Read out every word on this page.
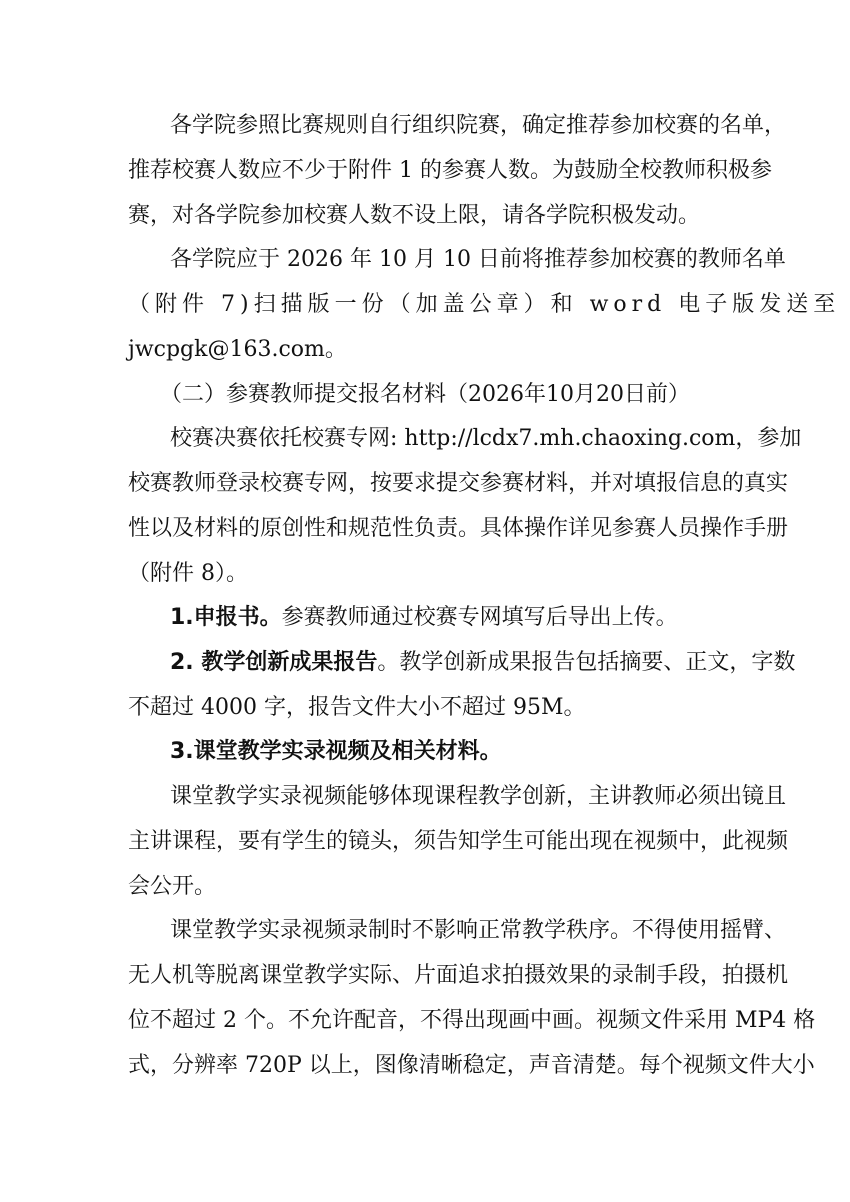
各学院参照比赛规则自行组织院赛，确定推荐参加校赛的名单，
推荐校赛人数应不少于附件 1 的参赛人数。为鼓励全校教师积极参
赛，对各学院参加校赛人数不设上限，请各学院积极发动。
各学院应于 2026 年 10 月 10 日前将推荐参加校赛的教师名单
（附件 7)扫描版一份（加盖公章）和 word 电子版发送至
jwcpgk@163.com。
（二）参赛教师提交报名材料（2026年10月20日前）
校赛决赛依托校赛专网: http://lcdx7.mh.chaoxing.com，参加
校赛教师登录校赛专网，按要求提交参赛材料，并对填报信息的真实
性以及材料的原创性和规范性负责。具体操作详见参赛人员操作手册
（附件 8）。
1.申报书。参赛教师通过校赛专网填写后导出上传。
2. 教学创新成果报告。教学创新成果报告包括摘要、正文，字数
不超过 4000 字，报告文件大小不超过 95M。
3.课堂教学实录视频及相关材料。
课堂教学实录视频能够体现课程教学创新，主讲教师必须出镜且
主讲课程，要有学生的镜头，须告知学生可能出现在视频中，此视频
会公开。
课堂教学实录视频录制时不影响正常教学秩序。不得使用摇臂、
无人机等脱离课堂教学实际、片面追求拍摄效果的录制手段，拍摄机
位不超过 2 个。不允许配音，不得出现画中画。视频文件采用 MP4 格
式，分辨率 720P 以上，图像清晰稳定，声音清楚。每个视频文件大小
